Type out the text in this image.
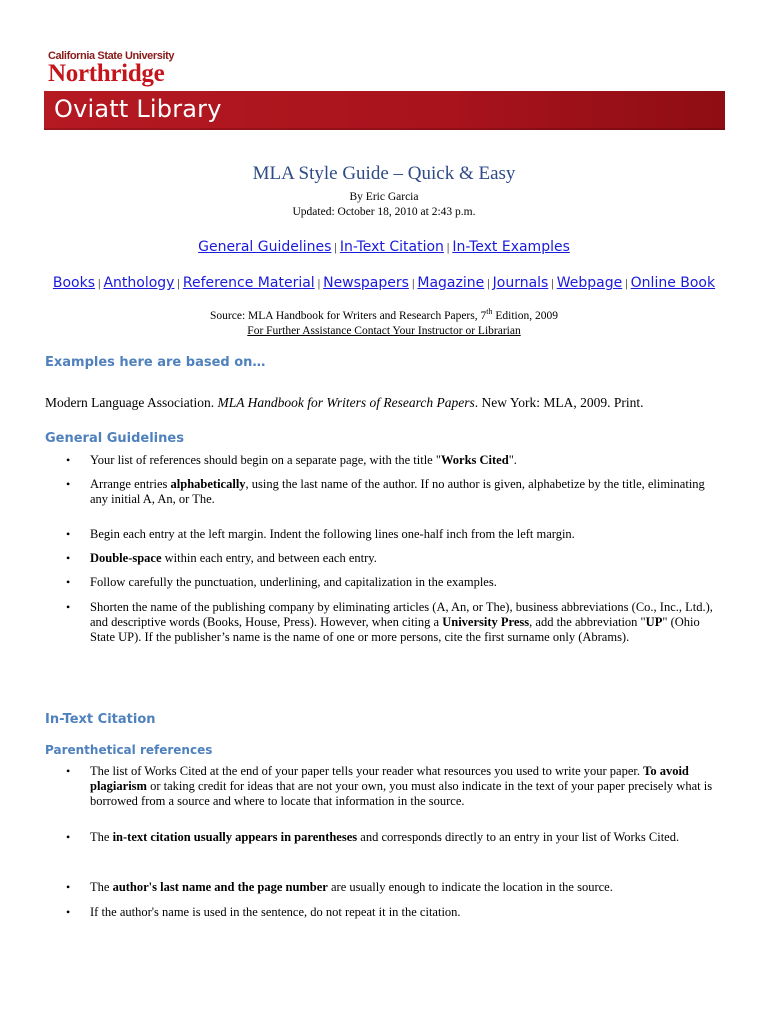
California State University
Northridge
Oviatt Library
MLA Style Guide – Quick & Easy
By Eric Garcia
Updated: October 18, 2010 at 2:43 p.m.
General Guidelines | In-Text Citation | In-Text Examples
Books | Anthology | Reference Material | Newspapers | Magazine | Journals | Webpage | Online Book
Source: MLA Handbook for Writers and Research Papers, 7th Edition, 2009
For Further Assistance Contact Your Instructor or Librarian
Examples here are based on…
Modern Language Association. MLA Handbook for Writers of Research Papers. New York: MLA, 2009. Print.
General Guidelines
• Your list of references should begin on a separate page, with the title "Works Cited".
• Arrange entries alphabetically, using the last name of the author. If no author is given, alphabetize by the title, eliminating any initial A, An, or The.
• Begin each entry at the left margin. Indent the following lines one-half inch from the left margin.
• Double-space within each entry, and between each entry.
• Follow carefully the punctuation, underlining, and capitalization in the examples.
• Shorten the name of the publishing company by eliminating articles (A, An, or The), business abbreviations (Co., Inc., Ltd.), and descriptive words (Books, House, Press). However, when citing a University Press, add the abbreviation "UP" (Ohio State UP). If the publisher’s name is the name of one or more persons, cite the first surname only (Abrams).
In-Text Citation
Parenthetical references
• The list of Works Cited at the end of your paper tells your reader what resources you used to write your paper. To avoid plagiarism or taking credit for ideas that are not your own, you must also indicate in the text of your paper precisely what is borrowed from a source and where to locate that information in the source.
• The in-text citation usually appears in parentheses and corresponds directly to an entry in your list of Works Cited.
• The author's last name and the page number are usually enough to indicate the location in the source.
• If the author's name is used in the sentence, do not repeat it in the citation.
